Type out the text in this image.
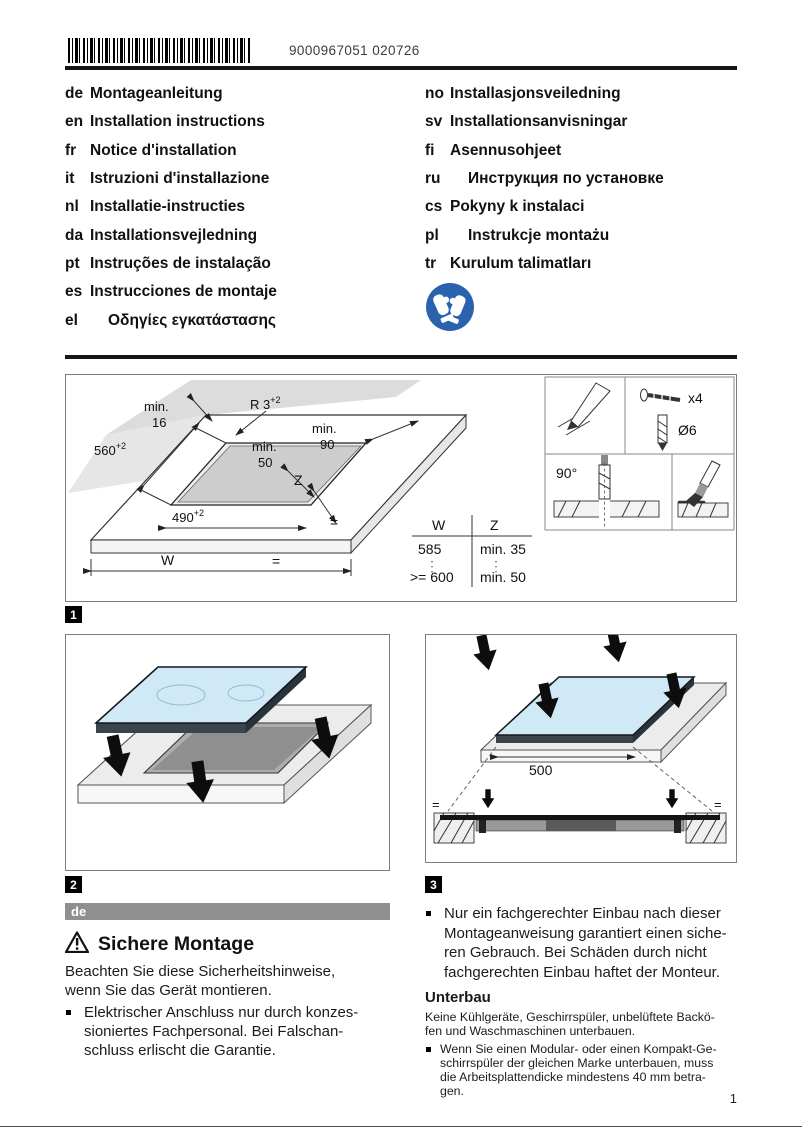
9000967051 020726
de Montageanleitung
en Installation instructions
fr Notice d'installation
it	Istruzioni d'installazione
nl Installatie-instructies
da Installationsvejledning
pt Instruções de instalação
es Instrucciones de montaje
el	Οδηγίες εγκατάστασης
no Installasjonsveiledning
sv Installationsanvisningar
fi	Asennusohjeet
ru	Инструкция по установке
cs Pokyny k instalaci
pl	Instrukcje montażu
tr Kurulum talimatları
min.
16
R $3^{+2}$
min.
90
$560^{+2}$	min.
50
Z
$490^{+2}$
W
=
=
W	Z
585	min. 35
>= 600 min. 50
x4
Ø6
90°
1
2
500
=	=
3
de
Sichere Montage
Beachten Sie diese Sicherheitshinweise,
wenn Sie das Gerät montieren.
Elektrischer Anschluss nur durch konzes-
sioniertes Fachpersonal. Bei Falschan-
schluss erlischt die Garantie.
Nur ein fachgerechter Einbau nach dieser
Montageanweisung garantiert einen siche-
ren Gebrauch. Bei Schäden durch nicht
fachgerechten Einbau haftet der Monteur.
Unterbau
Keine Kühlgeräte, Geschirrspüler, unbelüftete Backö-
fen und Waschmaschinen unterbauen.
Wenn Sie einen Modular- oder einen Kompakt-Ge-
schirrspüler der gleichen Marke unterbauen, muss
die Arbeitsplattendicke mindestens 40 mm betra-
gen.	1
